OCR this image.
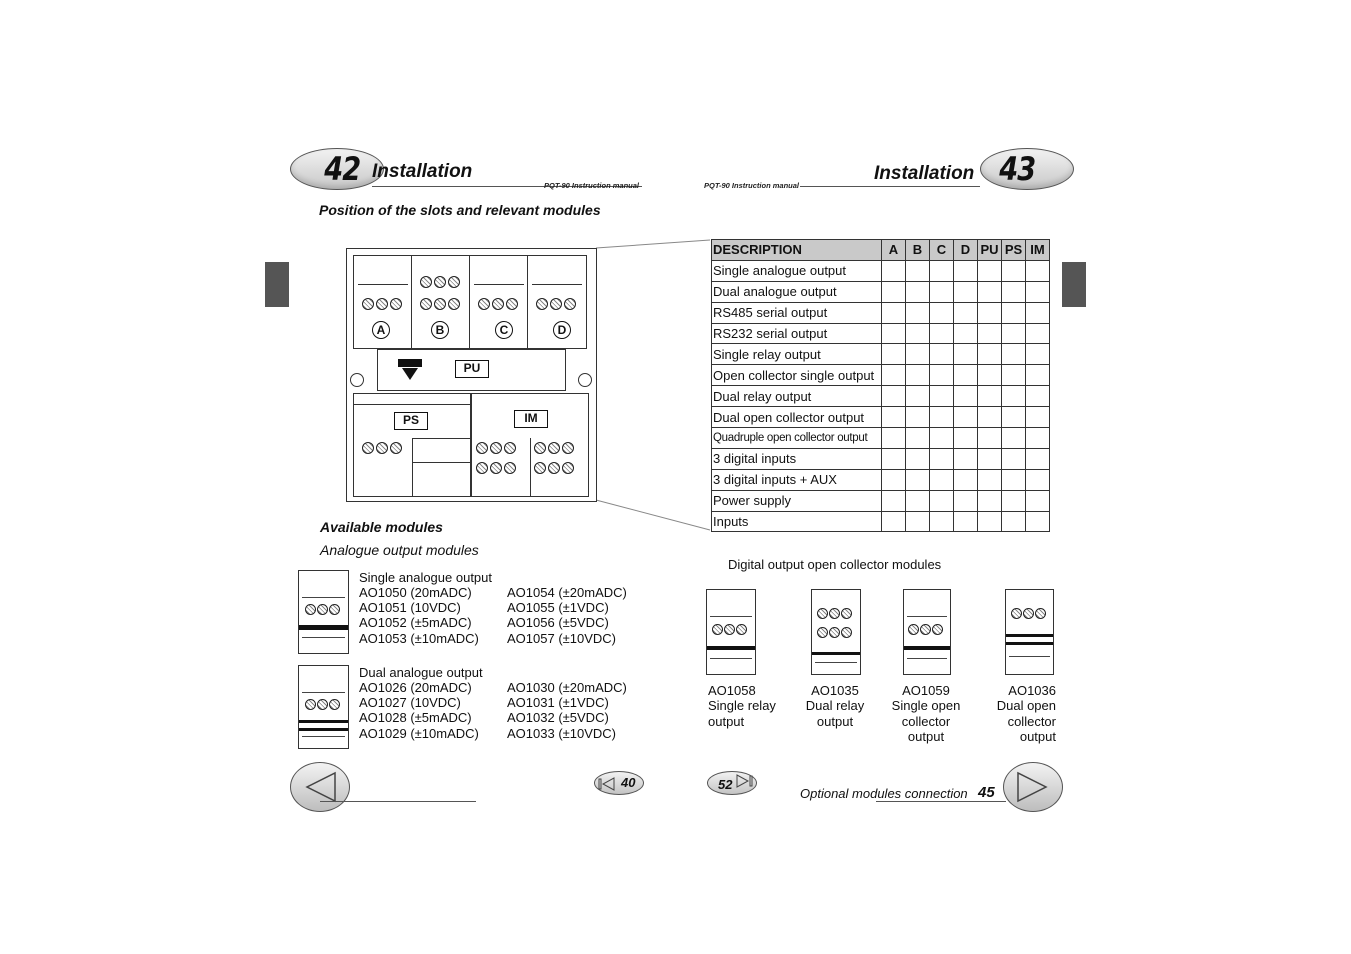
42 Installation
PQT-90 Instruction manual	PQT-90 Instruction manual
Installation 43
Position of the slots and relevant modules
A	B	C	D
PU
PS	IM
Available modules
Analogue output modules
Single analogue output
AO1050 (20mADC)
AO1051 (10VDC)
AO1052 (±5mADC)
AO1053 (±10mADC)
AO1054 (±20mADC)
AO1055 (±1VDC)
AO1056 (±5VDC)
AO1057 (±10VDC)
Dual analogue output
AO1026 (20mADC)
AO1027 (10VDC)
AO1028 (±5mADC)
AO1029 (±10mADC)
AO1030 (±20mADC)
AO1031 (±1VDC)
AO1032 (±5VDC)
AO1033 (±10VDC)
DESCRIPTION	A	B	C	D	PU	PS	IM
Single analogue output							
Dual analogue output							
RS485 serial output							
RS232 serial output							
Single relay output							
Open collector single output							
Dual relay output							
Dual open collector output							
Quadruple open collector output							
3 digital inputs							
3 digital inputs + AUX							
Power supply							
Inputs							
Digital output open collector modules
AO1058
Single relay
output
AO1035
Dual relay
output
AO1059
Single open
collector
output
AO1036
Dual open
collector
output
40	52
Optional modules connection 45
